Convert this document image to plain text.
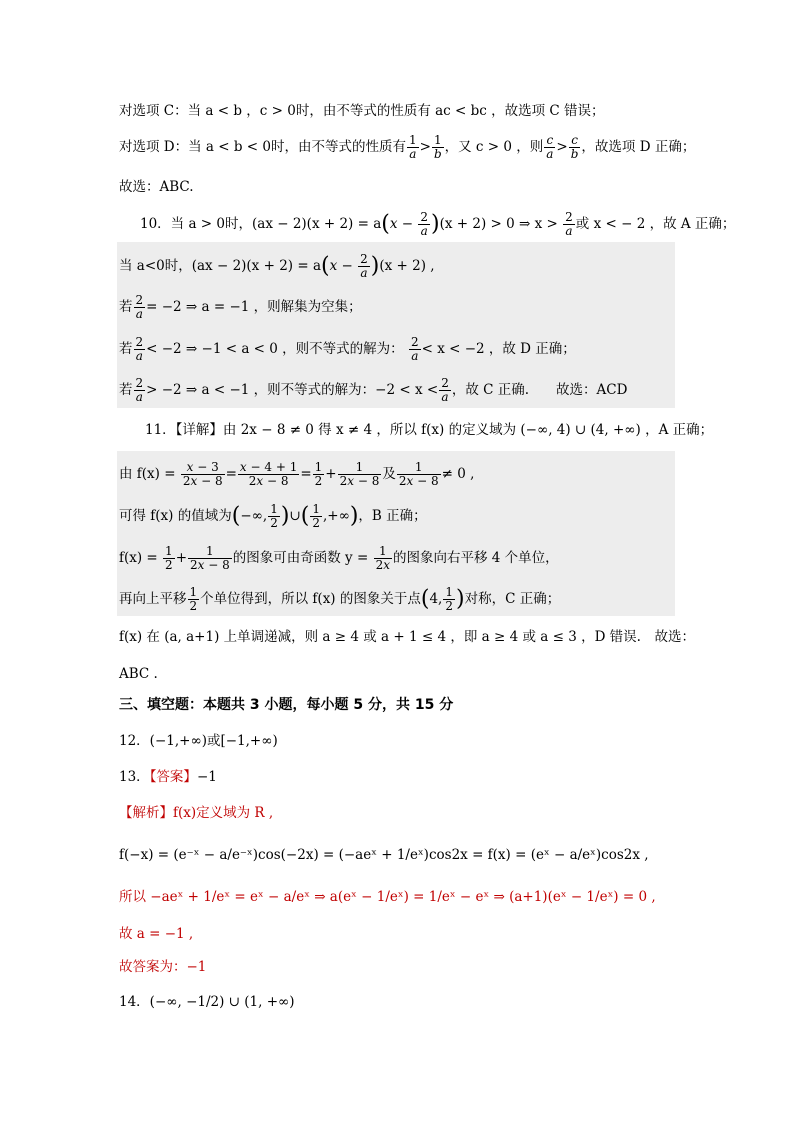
对选项 C：当 a < b ，c > 0时，由不等式的性质有 ac < bc ，故选项 C 错误；
对选项 D：当 a < b < 0时，由不等式的性质有 $\frac{1}{a} > \frac{1}{b}$ ，又 c > 0 ，则 $\frac{c}{a} > \frac{c}{b}$ ，故选项 D 正确；
故选：ABC.
10．当 a > 0时，$(ax - 2)(x + 2) = a(x - \frac{2}{a} )(x + 2) > 0$ ⇒ $x > \frac{2}{a}$ 或 x < − 2 ，故 A 正确；
当 a<0时，$(ax - 2)(x + 2) = a(x - \frac{2}{a} )(x + 2)$ ,
若 $\frac{2}{a} = -2$ ⇒ a = −1 ，则解集为空集；
若 $\frac{2}{a} < -2$ ⇒ −1 < a < 0 ，则不等式的解为： $\frac{2}{a} < x < -2$ ，故 D 正确；
若 $\frac{2}{a} > -2$ ⇒ a < −1 ，则不等式的解为：$-2 < x < \frac{2}{a}$ ，故 C 正确.　　故选：ACD
11．【详解】由 2x − 8 ≠ 0 得 x ≠ 4 ，所以 f(x) 的定义域为 (−∞, 4) ∪ (4, +∞) ，A 正确；
由 $f(x) = \frac{x - 3}{2x - 8} = \frac{x - 4 + 1}{2x - 8} = \frac{1}{2} + \frac{1}{2x - 8}$ 及 $\frac{1}{2x - 8} \ne 0$ ,
可得 f(x) 的值域为(−∞, $\frac{1}{2}$ )∪( $\frac{1}{2}$ ,+∞)，B 正确；
$f(x) = \frac{1}{2} + \frac{1}{2x - 8}$ 的图象可由奇函数 $y = \frac{1}{2x}$ 的图象向右平移 4 个单位，
再向上平移 $\frac{1}{2}$ 个单位得到，所以 f(x) 的图象关于点(4, $\frac{1}{2}$ )对称，C 正确；
f(x) 在 (a, a+1) 上单调递减，则 a ≥ 4 或 a + 1 ≤ 4 ，即 a ≥ 4 或 a ≤ 3 ，D 错误.　故选：
ABC .
三、填空题：本题共 3 小题，每小题 5 分，共 15 分
12．(−1,+∞)或[−1,+∞)
13．【答案】−1
【解析】f(x)定义域为 R ,
f(−x) = (e⁻ˣ − a/e⁻ˣ)cos(−2x) = (−aeˣ + 1/eˣ)cos2x = f(x) = (eˣ − a/eˣ)cos2x ,
所以 −aeˣ + 1/eˣ = eˣ − a/eˣ ⇒ a(eˣ − 1/eˣ) = 1/eˣ − eˣ ⇒ (a+1)(eˣ − 1/eˣ) = 0 ,
故 a = −1 ,
故答案为：−1
14．(−∞, −1/2) ∪ (1, +∞)
